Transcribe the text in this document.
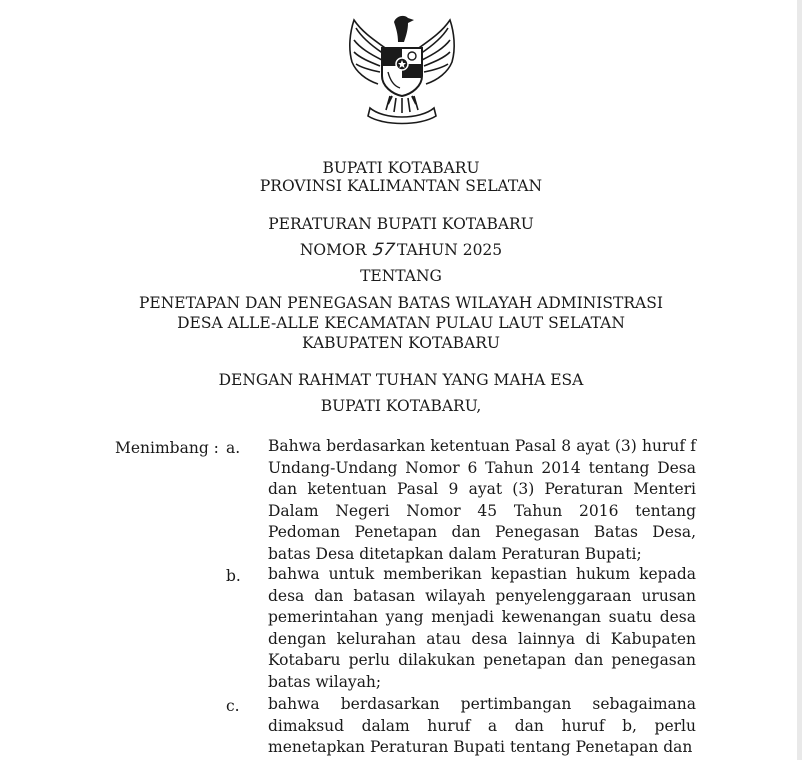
BUPATI KOTABARU
PROVINSI KALIMANTAN SELATAN
PERATURAN BUPATI KOTABARU
NOMOR 57TAHUN 2025
TENTANG
PENETAPAN DAN PENEGASAN BATAS WILAYAH ADMINISTRASI
DESA ALLE-ALLE KECAMATAN PULAU LAUT SELATAN
KABUPATEN KOTABARU
DENGAN RAHMAT TUHAN YANG MAHA ESA
BUPATI KOTABARU,
Menimbang : a. Bahwa berdasarkan ketentuan Pasal 8 ayat (3) huruf f Undang-Undang Nomor 6 Tahun 2014 tentang Desa dan ketentuan Pasal 9 ayat (3) Peraturan Menteri Dalam Negeri Nomor 45 Tahun 2016 tentang Pedoman Penetapan dan Penegasan Batas Desa, batas Desa ditetapkan dalam Peraturan Bupati;
b. bahwa untuk memberikan kepastian hukum kepada desa dan batasan wilayah penyelenggaraan urusan pemerintahan yang menjadi kewenangan suatu desa dengan kelurahan atau desa lainnya di Kabupaten Kotabaru perlu dilakukan penetapan dan penegasan batas wilayah;
c. bahwa berdasarkan pertimbangan sebagaimana dimaksud dalam huruf a dan huruf b, perlu menetapkan Peraturan Bupati tentang Penetapan dan
